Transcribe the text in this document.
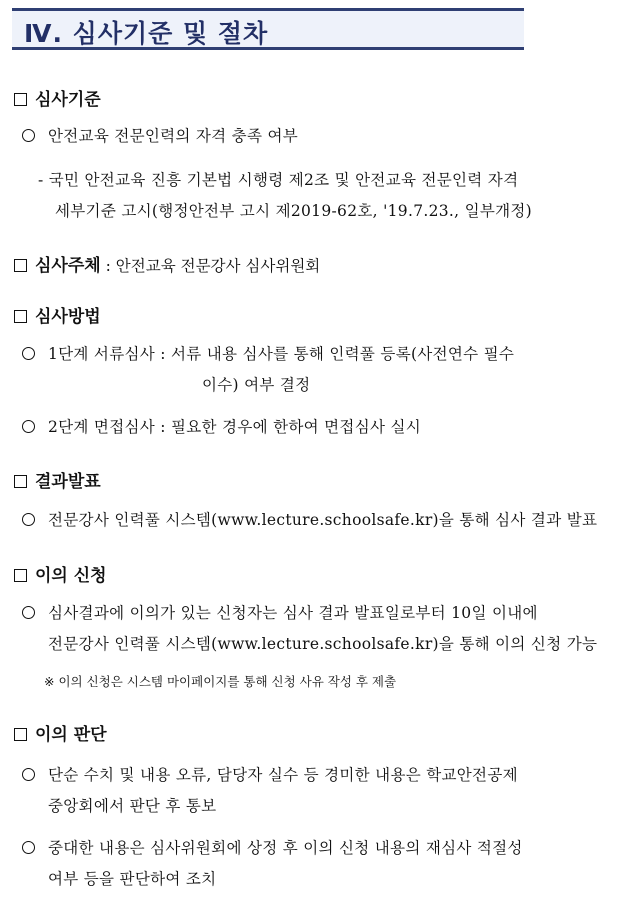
Ⅳ. 심사기준 및 절차
심사기준
안전교육 전문인력의 자격 충족 여부
- 국민 안전교육 진흥 기본법 시행령 제2조 및 안전교육 전문인력 자격
세부기준 고시(행정안전부 고시 제2019-62호, '19.7.23., 일부개정)
심사주체 : 안전교육 전문강사 심사위원회
심사방법
1단계 서류심사 : 서류 내용 심사를 통해 인력풀 등록(사전연수 필수
이수) 여부 결정
2단계 면접심사 : 필요한 경우에 한하여 면접심사 실시
결과발표
전문강사 인력풀 시스템(www.lecture.schoolsafe.kr)을 통해 심사 결과 발표
이의 신청
심사결과에 이의가 있는 신청자는 심사 결과 발표일로부터 10일 이내에
전문강사 인력풀 시스템(www.lecture.schoolsafe.kr)을 통해 이의 신청 가능
※ 이의 신청은 시스템 마이페이지를 통해 신청 사유 작성 후 제출
이의 판단
단순 수치 및 내용 오류, 담당자 실수 등 경미한 내용은 학교안전공제
중앙회에서 판단 후 통보
중대한 내용은 심사위원회에 상정 후 이의 신청 내용의 재심사 적절성
여부 등을 판단하여 조치
